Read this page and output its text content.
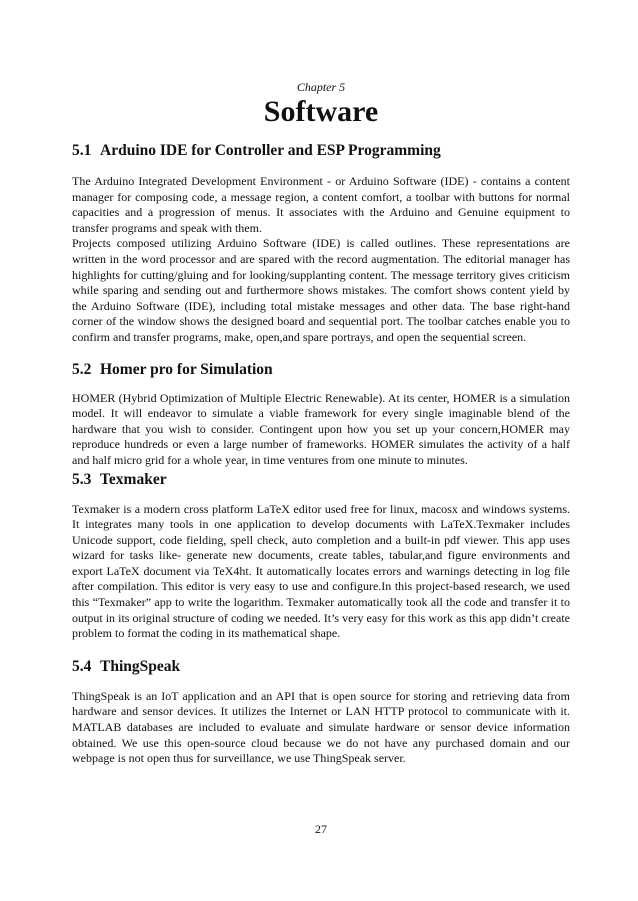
Chapter 5
Software
5.1 Arduino IDE for Controller and ESP Programming

The Arduino Integrated Development Environment - or Arduino Software (IDE) - contains a content manager for composing code, a message region, a content comfort, a toolbar with buttons for normal capacities and a progression of menus. It associates with the Arduino and Genuine equipment to transfer programs and speak with them.

Projects composed utilizing Arduino Software (IDE) is called outlines. These representations are written in the word processor and are spared with the record augmentation. The editorial manager has highlights for cutting/gluing and for looking/supplanting content. The message territory gives criticism while sparing and sending out and furthermore shows mistakes. The comfort shows content yield by the Arduino Software (IDE), including total mistake messages and other data. The base right-hand corner of the window shows the designed board and sequential port. The toolbar catches enable you to confirm and transfer programs, make, open,and spare portrays, and open the sequential screen.

5.2 Homer pro for Simulation

HOMER (Hybrid Optimization of Multiple Electric Renewable). At its center, HOMER is a simulation model. It will endeavor to simulate a viable framework for every single imaginable blend of the hardware that you wish to consider. Contingent upon how you set up your concern,HOMER may reproduce hundreds or even a large number of frameworks. HOMER simulates the activity of a half and half micro grid for a whole year, in time ventures from one minute to minutes.

5.3 Texmaker

Texmaker is a modern cross platform LaTeX editor used free for linux, macosx and windows systems. It integrates many tools in one application to develop documents with LaTeX.Texmaker includes Unicode support, code fielding, spell check, auto completion and a built-in pdf viewer. This app uses wizard for tasks like- generate new documents, create tables, tabular,and figure environments and export LaTeX document via TeX4ht. It automatically locates errors and warnings detecting in log file after compilation. This editor is very easy to use and configure.In this project-based research, we used this “Texmaker” app to write the logarithm. Texmaker automatically took all the code and transfer it to output in its original structure of coding we needed. It’s very easy for this work as this app didn’t create problem to format the coding in its mathematical shape.

5.4 ThingSpeak

ThingSpeak is an IoT application and an API that is open source for storing and retrieving data from hardware and sensor devices. It utilizes the Internet or LAN HTTP protocol to communicate with it. MATLAB databases are included to evaluate and simulate hardware or sensor device information obtained. We use this open-source cloud because we do not have any purchased domain and our webpage is not open thus for surveillance, we use ThingSpeak server.

27
